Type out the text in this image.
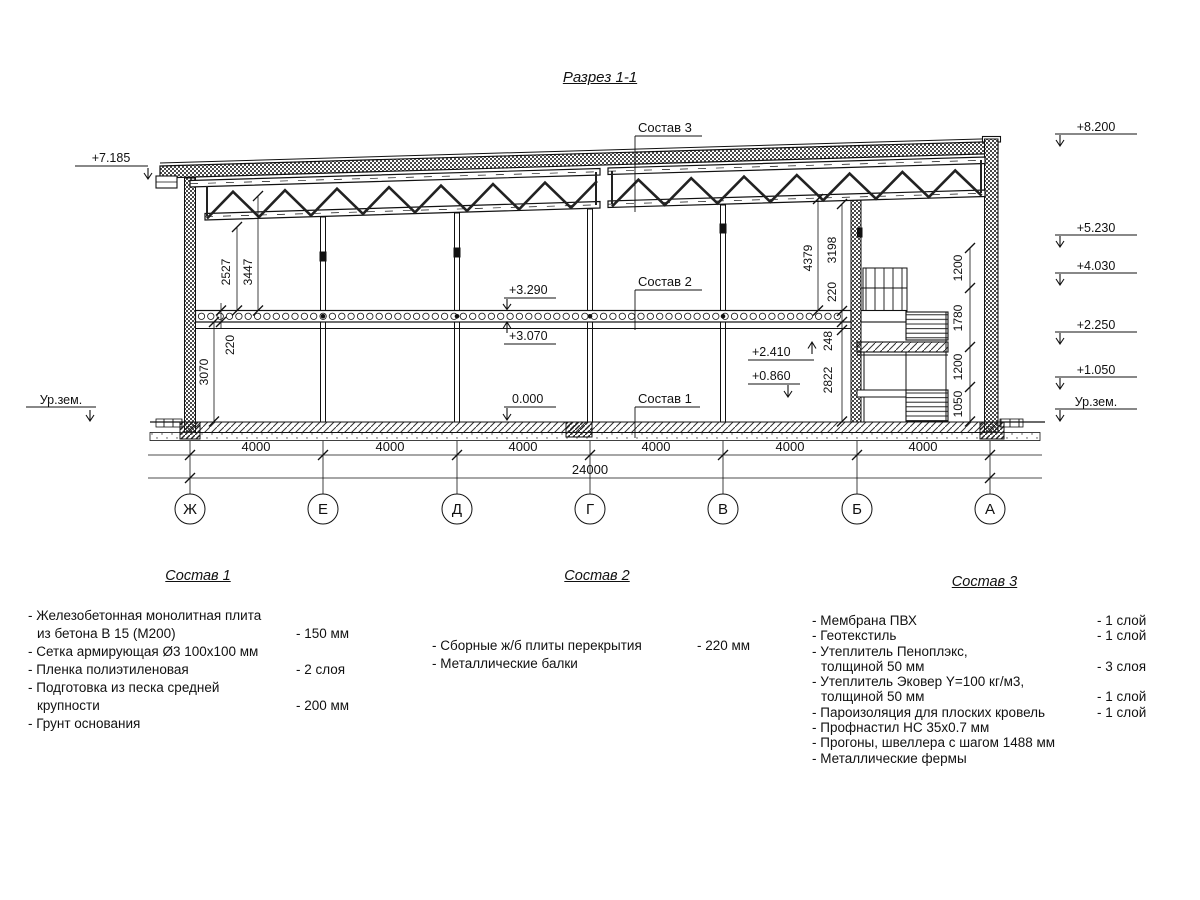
Разрез 1-1
+7.185
Ур.зем.
+8.200
+5.230
+4.030
+2.250
+1.050
Ур.зем.
+3.290
+3.070
0.000
+2.410
+0.860
Состав 3
Состав 2
Состав 1
2527 3447
220
3070
4379 3198
220
248
2822
1200
1780
1200
1050
4000	4000	4000	4000	4000	4000
24000
Ж	Е	Д	Г	В	Б	А
Состав 1
- Железобетонная монолитная плита
из бетона В 15 (М200)	- 150 мм
- Сетка армирующая Ø3 100x100 мм
- Пленка полиэтиленовая	- 2 слоя
- Подготовка из песка средней
крупности	- 200 мм
- Грунт основания
Состав 2
- Сборные ж/б плиты перекрытия	- 220 мм
- Металлические балки
Состав 3
- Мембрана ПВХ	- 1 слой
- Геотекстиль	- 1 слой
- Утеплитель Пеноплэкс,
толщиной 50 мм	- 3 слоя
- Утеплитель Эковер Y=100 кг/м3,
толщиной 50 мм	- 1 слой
- Пароизоляция для плоских кровель	- 1 слой
- Профнастил НС 35х0.7 мм
- Прогоны, швеллера с шагом 1488 мм
- Металлические фермы
